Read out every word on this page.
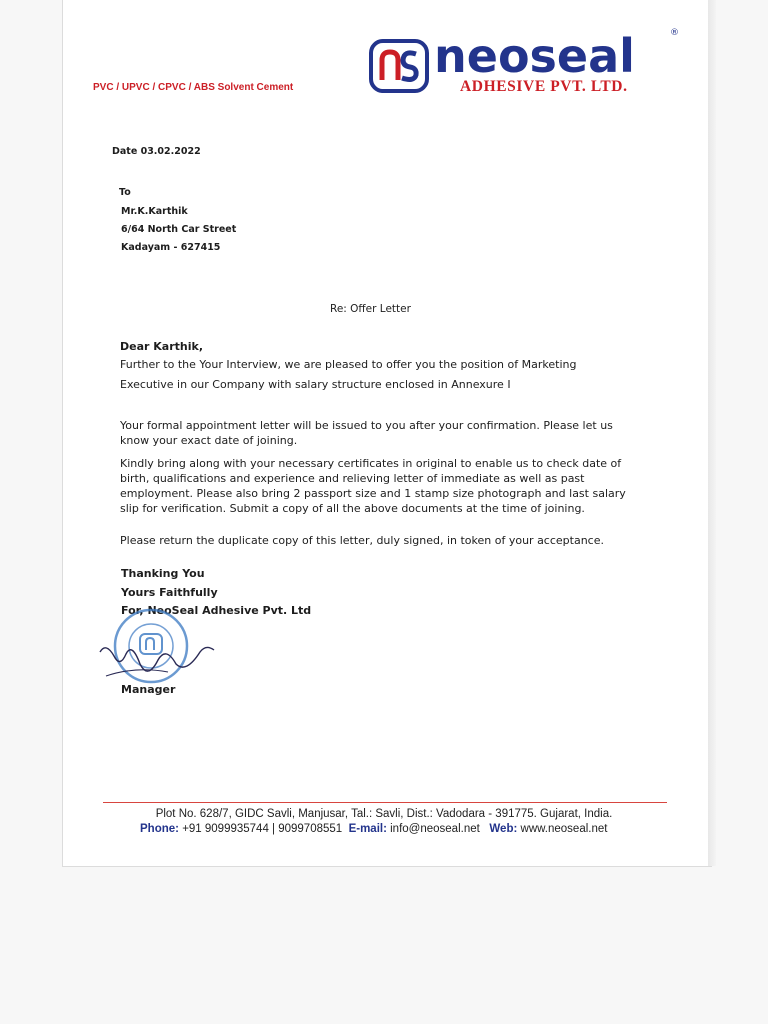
neoseal	®
ADHESIVE PVT. LTD.
PVC / UPVC / CPVC / ABS Solvent Cement
Date 03.02.2022
To
Mr.K.Karthik
6/64 North Car Street
Kadayam - 627415
Re: Offer Letter
Dear Karthik,
Further to the Your Interview, we are pleased to offer you the position of Marketing
Executive in our Company with salary structure enclosed in Annexure I
Your formal appointment letter will be issued to you after your confirmation. Please let us know your exact date of joining.
Kindly bring along with your necessary certificates in original to enable us to check date of birth, qualifications and experience and relieving letter of immediate as well as past employment. Please also bring 2 passport size and 1 stamp size photograph and last salary slip for verification. Submit a copy of all the above documents at the time of joining.
Please return the duplicate copy of this letter, duly signed, in token of your acceptance.
Thanking You
Yours Faithfully
For, NeoSeal Adhesive Pvt. Ltd
Manager
Plot No. 628/7, GIDC Savli, Manjusar, Tal.: Savli, Dist.: Vadodara - 391775. Gujarat, India.
Phone: +91 9099935744 | 9099708551 E-mail: info@neoseal.net Web: www.neoseal.net
